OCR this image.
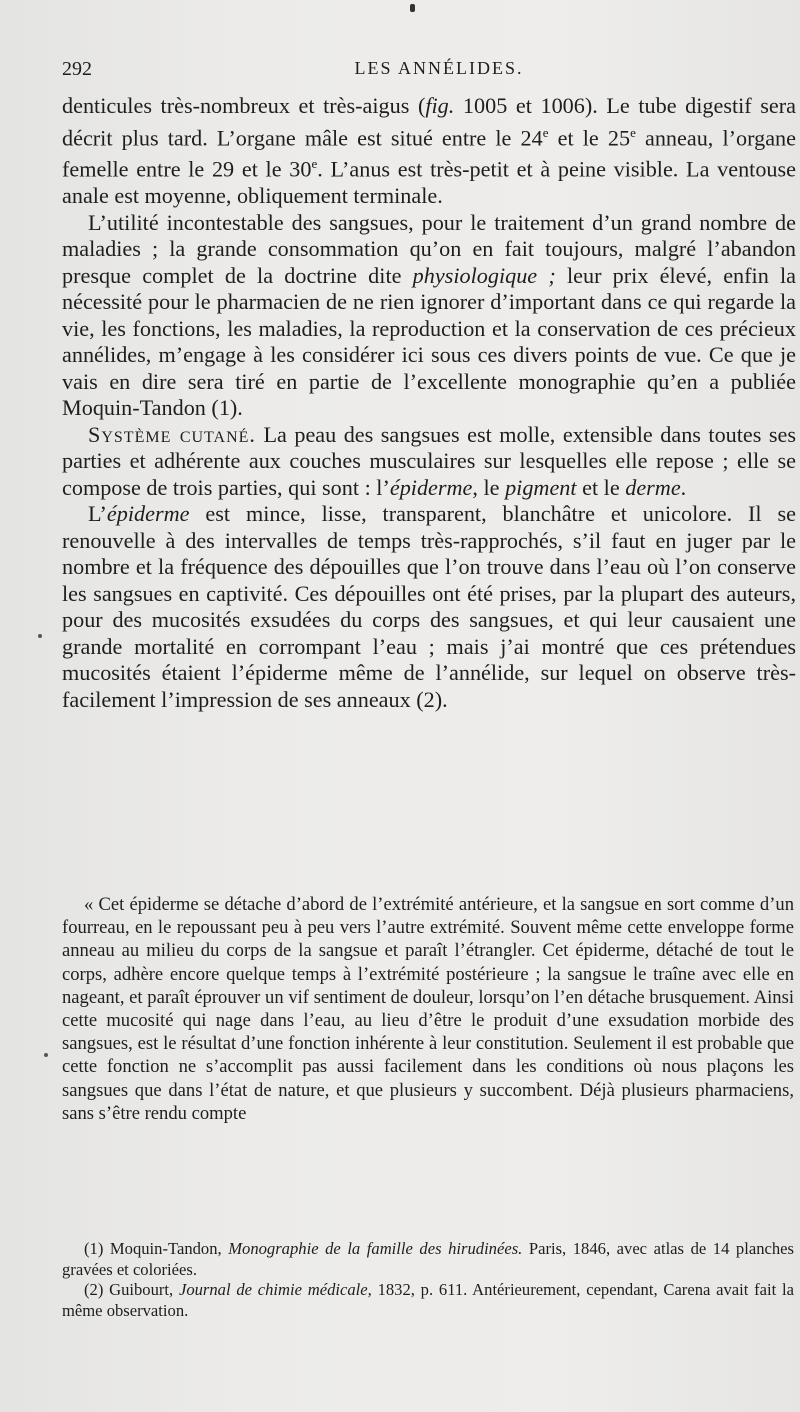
292	LES ANNÉLIDES.

denticules très-nombreux et très-aigus (fig. 1005 et 1006). Le tube digestif sera décrit plus tard. L’organe mâle est situé entre le 24e et le 25e anneau, l’organe femelle entre le 29 et le 30e. L’anus est très-petit et à peine visible. La ventouse anale est moyenne, obliquement terminale.

L’utilité incontestable des sangsues, pour le traitement d’un grand nombre de maladies ; la grande consommation qu’on en fait toujours, malgré l’abandon presque complet de la doctrine dite physiologique ; leur prix élevé, enfin la nécessité pour le pharmacien de ne rien ignorer d’important dans ce qui regarde la vie, les fonctions, les maladies, la reproduction et la conservation de ces précieux annélides, m’engage à les considérer ici sous ces divers points de vue. Ce que je vais en dire sera tiré en partie de l’excellente monographie qu’en a publiée Moquin-Tandon (1).

Système cutané. La peau des sangsues est molle, extensible dans toutes ses parties et adhérente aux couches musculaires sur lesquelles elle repose ; elle se compose de trois parties, qui sont : l’épiderme, le pigment et le derme.

L’épiderme est mince, lisse, transparent, blanchâtre et unicolore. Il se renouvelle à des intervalles de temps très-rapprochés, s’il faut en juger par le nombre et la fréquence des dépouilles que l’on trouve dans l’eau où l’on conserve les sangsues en captivité. Ces dépouilles ont été prises, par la plupart des auteurs, pour des mucosités exsudées du corps des sangsues, et qui leur causaient une grande mortalité en corrompant l’eau ; mais j’ai montré que ces prétendues mucosités étaient l’épiderme même de l’annélide, sur lequel on observe très-facilement l’impression de ses anneaux (2).

« Cet épiderme se détache d’abord de l’extrémité antérieure, et la sangsue en sort comme d’un fourreau, en le repoussant peu à peu vers l’autre extrémité. Souvent même cette enveloppe forme anneau au milieu du corps de la sangsue et paraît l’étrangler. Cet épiderme, détaché de tout le corps, adhère encore quelque temps à l’extrémité postérieure ; la sangsue le traîne avec elle en nageant, et paraît éprouver un vif sentiment de douleur, lorsqu’on l’en détache brusquement. Ainsi cette mucosité qui nage dans l’eau, au lieu d’être le produit d’une exsudation morbide des sangsues, est le résultat d’une fonction inhérente à leur constitution. Seulement il est probable que cette fonction ne s’accomplit pas aussi facilement dans les conditions où nous plaçons les sangsues que dans l’état de nature, et que plusieurs y succombent. Déjà plusieurs pharmaciens, sans s’être rendu compte

(1) Moquin-Tandon, Monographie de la famille des hirudinées. Paris, 1846, avec atlas de 14 planches gravées et coloriées.

(2) Guibourt, Journal de chimie médicale, 1832, p. 611. Antérieurement, cependant, Carena avait fait la même observation.
